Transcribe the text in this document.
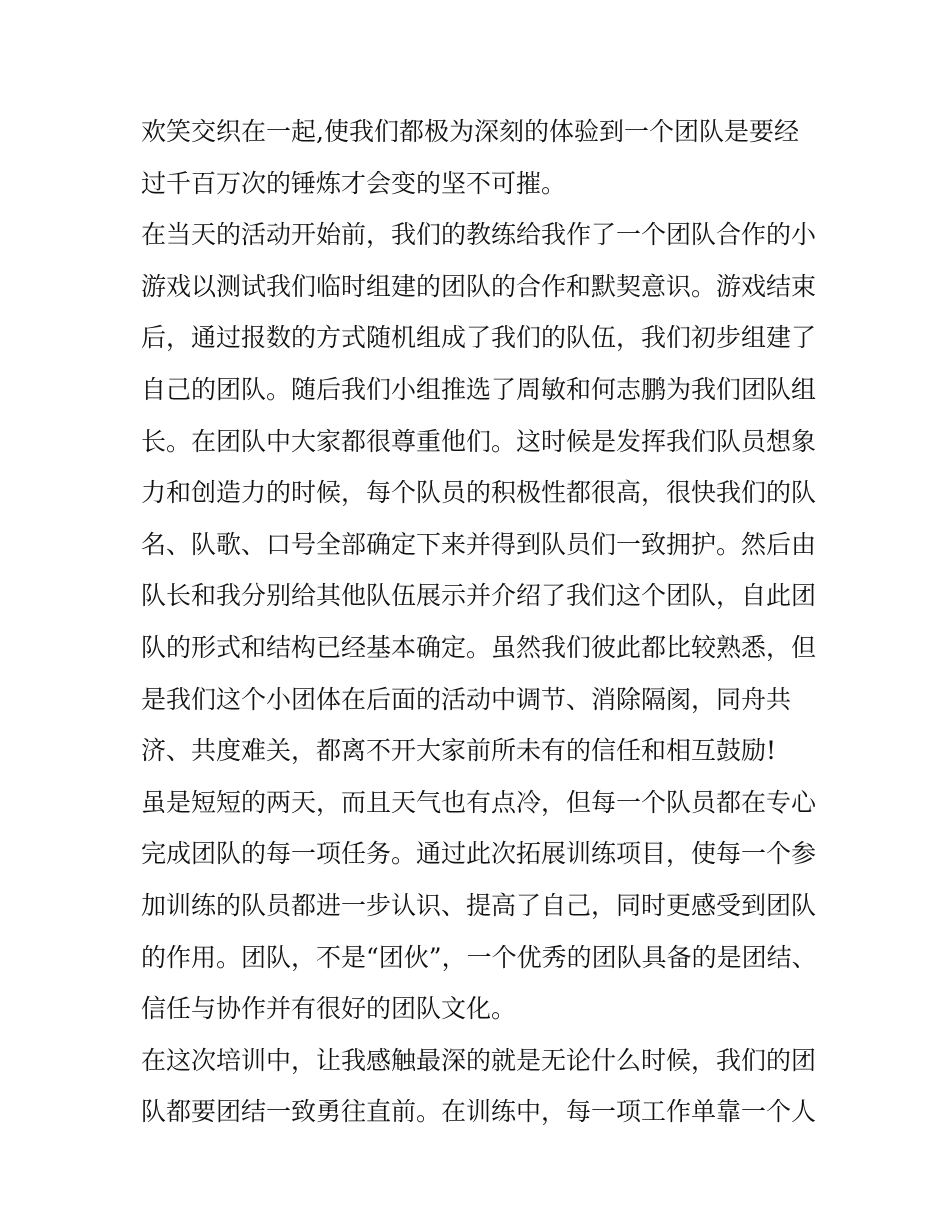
欢笑交织在一起,使我们都极为深刻的体验到一个团队是要经
过千百万次的锤炼才会变的坚不可摧。
在当天的活动开始前，我们的教练给我作了一个团队合作的小
游戏以测试我们临时组建的团队的合作和默契意识。游戏结束
后，通过报数的方式随机组成了我们的队伍，我们初步组建了
自己的团队。随后我们小组推选了周敏和何志鹏为我们团队组
长。在团队中大家都很尊重他们。这时候是发挥我们队员想象
力和创造力的时候，每个队员的积极性都很高，很快我们的队
名、队歌、口号全部确定下来并得到队员们一致拥护。然后由
队长和我分别给其他队伍展示并介绍了我们这个团队，自此团
队的形式和结构已经基本确定。虽然我们彼此都比较熟悉，但
是我们这个小团体在后面的活动中调节、消除隔阂，同舟共
济、共度难关，都离不开大家前所未有的信任和相互鼓励!
虽是短短的两天，而且天气也有点冷，但每一个队员都在专心
完成团队的每一项任务。通过此次拓展训练项目，使每一个参
加训练的队员都进一步认识、提高了自己，同时更感受到团队
的作用。团队，不是“团伙”，一个优秀的团队具备的是团结、
信任与协作并有很好的团队文化。
在这次培训中，让我感触最深的就是无论什么时候，我们的团
队都要团结一致勇往直前。在训练中，每一项工作单靠一个人
